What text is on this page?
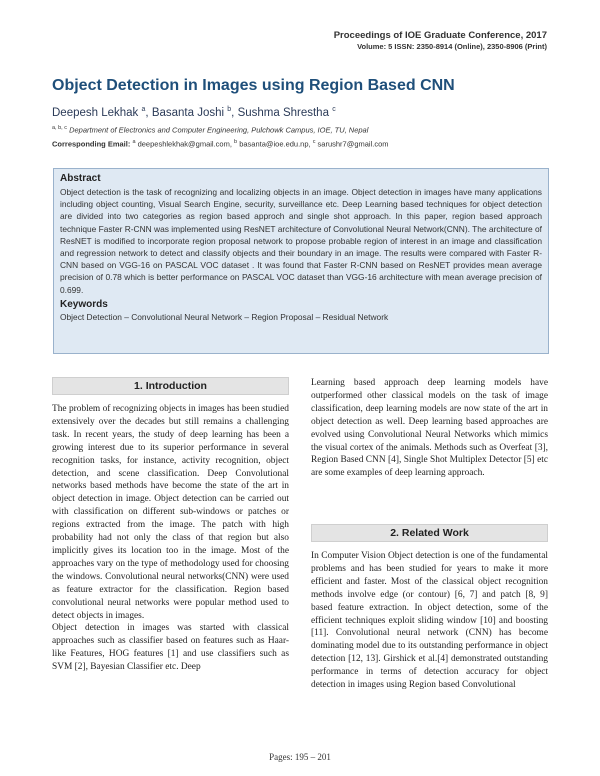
Proceedings of IOE Graduate Conference, 2017
Volume: 5 ISSN: 2350-8914 (Online), 2350-8906 (Print)
Object Detection in Images using Region Based CNN
Deepesh Lekhak $^a$, Basanta Joshi $^b$, Sushma Shrestha $^c$
$^{a, b, c}$ Department of Electronics and Computer Engineering, Pulchowk Campus, IOE, TU, Nepal
Corresponding Email: $^a$ deepeshlekhak@gmail.com, $^b$ basanta@ioe.edu.np, $^c$ sarushr7@gmail.com
Abstract
Object detection is the task of recognizing and localizing objects in an image. Object detection in images have many applications including object counting, Visual Search Engine, security, surveillance etc. Deep Learning based techniques for object detection are divided into two categories as region based approch and single shot approach. In this paper, region based approach technique Faster R-CNN was implemented using ResNET architecture of Convolutional Neural Network(CNN). The architecture of ResNET is modified to incorporate region proposal network to propose probable region of interest in an image and classification and regression network to detect and classify objects and their boundary in an image. The results were compared with Faster R-CNN based on VGG-16 on PASCAL VOC dataset . It was found that Faster R-CNN based on ResNET provides mean average precision of 0.78 which is better performance on PASCAL VOC dataset than VGG-16 architecture with mean average precision of 0.699.
Keywords
Object Detection – Convolutional Neural Network – Region Proposal – Residual Network
1. Introduction

The problem of recognizing objects in images has been studied extensively over the decades but still remains a challenging task. In recent years, the study of deep learning has been a growing interest due to its superior performance in several recognition tasks, for instance, activity recognition, object detection, and scene classification. Deep Convolutional networks based methods have become the state of the art in object detection in image. Object detection can be carried out with classification on different sub-windows or patches or regions extracted from the image. The patch with high probability had not only the class of that region but also implicitly gives its location too in the image. Most of the approaches vary on the type of methodology used for choosing the windows. Convolutional neural networks(CNN) were used as feature extractor for the classification. Region based convolutional neural networks were popular method used to detect objects in images.

Object detection in images was started with classical approaches such as classifier based on features such as Haar-like Features, HOG features [1] and use classifiers such as SVM [2], Bayesian Classifier etc. Deep

Learning based approach deep learning models have outperformed other classical models on the task of image classification, deep learning models are now state of the art in object detection as well. Deep learning based approaches are evolved using Convolutional Neural Networks which mimics the visual cortex of the animals. Methods such as Overfeat [3], Region Based CNN [4], Single Shot Multiplex Detector [5] etc are some examples of deep learning approach.

2. Related Work

In Computer Vision Object detection is one of the fundamental problems and has been studied for years to make it more efficient and faster. Most of the classical object recognition methods involve edge (or contour) [6, 7] and patch [8, 9] based feature extraction. In object detection, some of the efficient techniques exploit sliding window [10] and boosting [11]. Convolutional neural network (CNN) has become dominating model due to its outstanding performance in object detection [12, 13]. Girshick et al.[4] demonstrated outstanding performance in terms of detection accuracy for object detection in images using Region based Convolutional

Pages: 195 – 201
